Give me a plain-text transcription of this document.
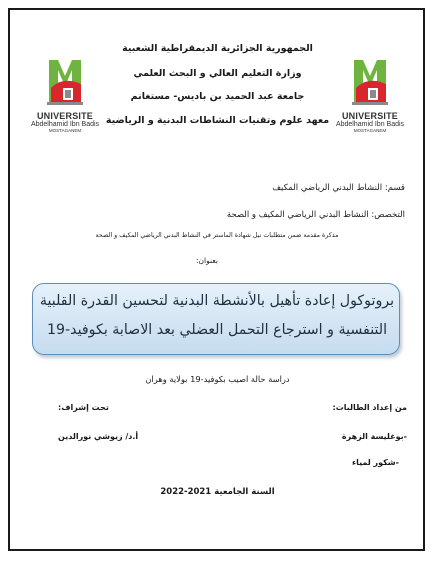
UNIVERSITE
Abdelhamid Ibn Badis
MOSTAGANEM
UNIVERSITE
Abdelhamid Ibn Badis
MOSTAGANEM
الجمهورية الجزائرية الديمقراطية الشعبية
وزارة التعليم العالي و البحث العلمي
جامعة عبد الحميد بن باديس- مستغانم
معهد علوم وتقنيات النشاطات البدنية و الرياضية
قسم: النشاط البدني الرياضي المكيف
التخصص: النشاط البدني الرياضي المكيف و الصحة
مذكرة مقدمة ضمن متطلبات نيل شهادة الماستر في النشاط البدني الرياضي المكيف و الصحة
بعنوان:
بروتوكول إعادة تأهيل بالأنشطة البدنية لتحسين القدرة القلبية
التنفسية و استرجاع التحمل العضلي بعد الاصابة بكوفيد-19
دراسة حالة اصيب بكوفيد-19 بولاية وهران
من إعداد الطالبات:
-بوغليسة الزهرة
-شكور لمياء
تحت إشراف:
أ.د/ زيوشي نورالدين
السنة الجامعية 2021-2022
